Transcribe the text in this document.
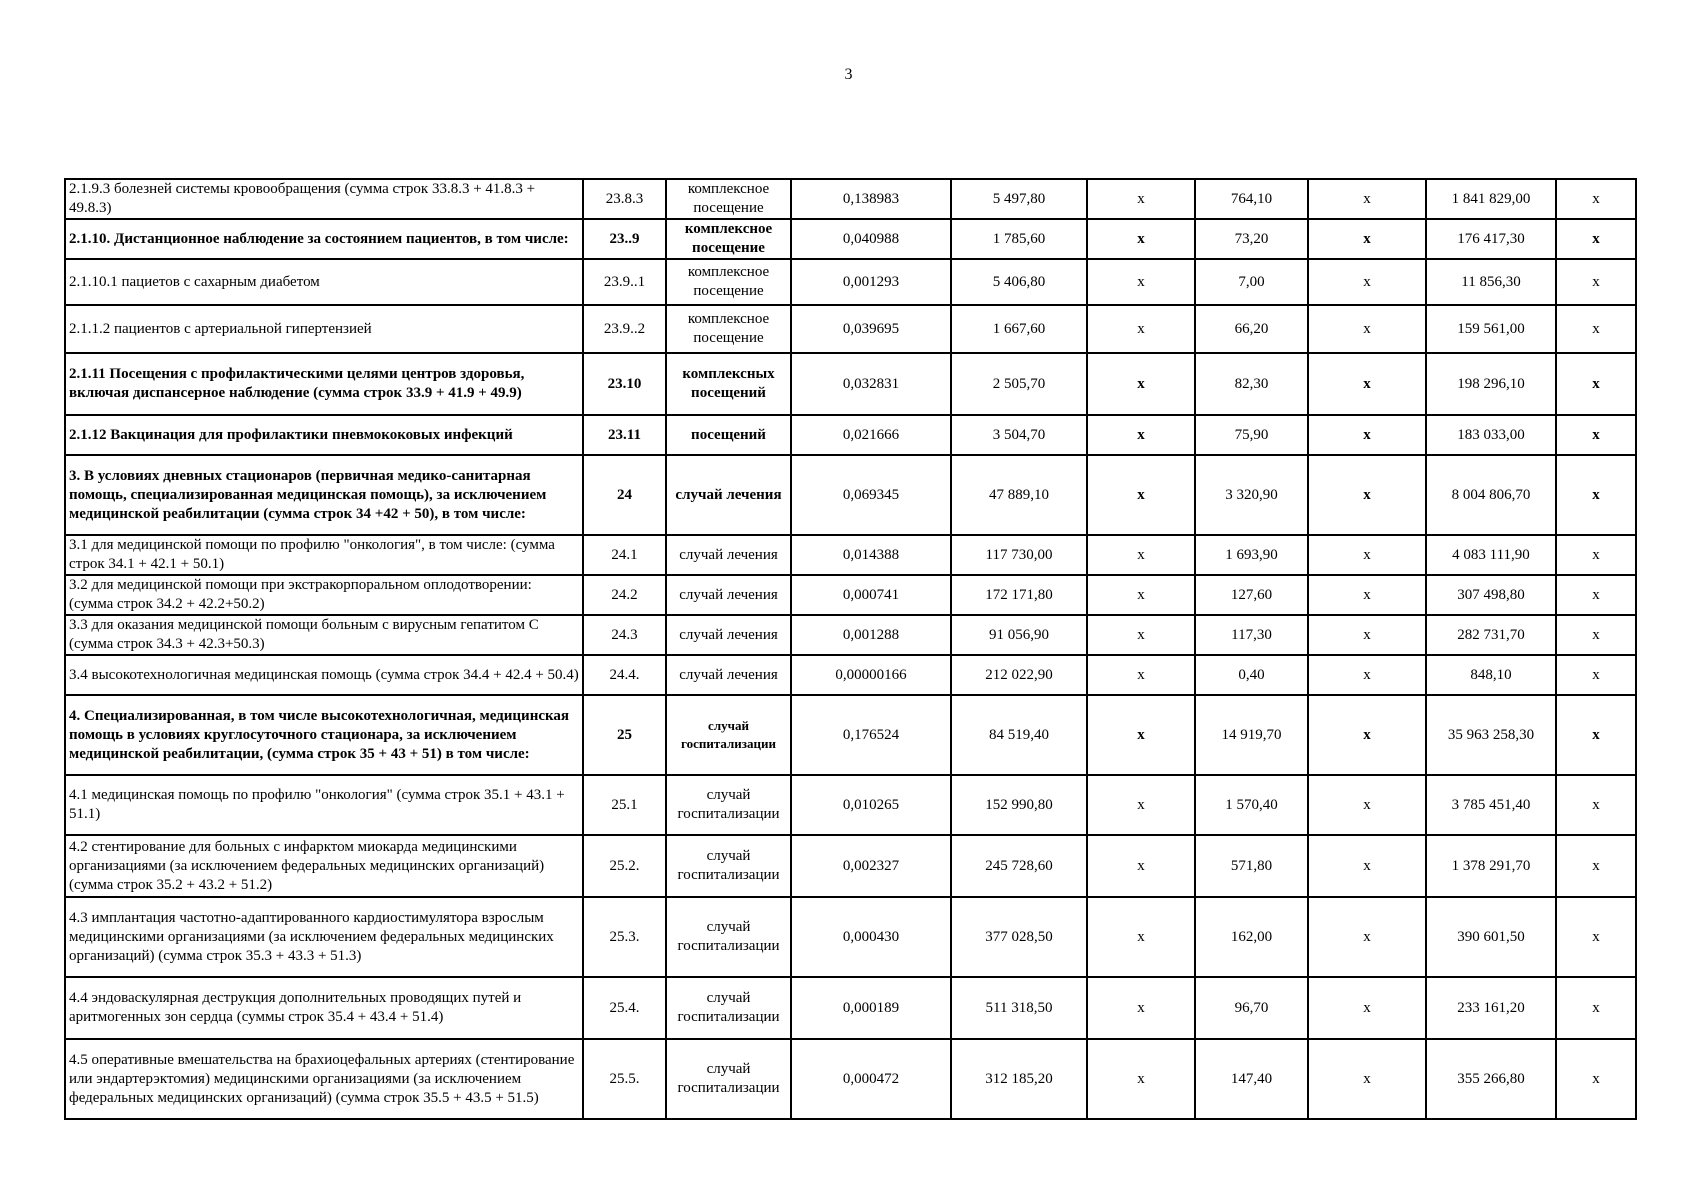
3
2.1.9.3 болезней системы кровообращения (сумма строк 33.8.3 + 41.8.3 + 49.8.3)	23.8.3	комплексное посещение	0,138983	5 497,80	х	764,10	х	1 841 829,00	х
2.1.10. Дистанционное наблюдение за состоянием пациентов, в том числе:	23..9	комплексное посещение	0,040988	1 785,60	х	73,20	х	176 417,30	х
2.1.10.1 пациетов с сахарным диабетом	23.9..1	комплексное посещение	0,001293	5 406,80	х	7,00	х	11 856,30	х
2.1.1.2 пациентов с артериальной гипертензией	23.9..2	комплексное посещение	0,039695	1 667,60	х	66,20	х	159 561,00	х
2.1.11 Посещения с профилактическими целями центров здоровья, включая диспансерное наблюдение (сумма строк 33.9 + 41.9 + 49.9)	23.10	комплексных посещений	0,032831	2 505,70	х	82,30	х	198 296,10	х
2.1.12 Вакцинация для профилактики пневмококовых инфекций	23.11	посещений	0,021666	3 504,70	х	75,90	х	183 033,00	х
3. В условиях дневных стационаров (первичная медико-санитарная помощь, специализированная медицинская помощь), за исключением медицинской реабилитации (сумма строк 34 +42 + 50), в том числе:	24	случай лечения	0,069345	47 889,10	х	3 320,90	х	8 004 806,70	х
3.1 для медицинской помощи по профилю "онкология", в том числе: (сумма строк 34.1 + 42.1 + 50.1)	24.1	случай лечения	0,014388	117 730,00	х	1 693,90	х	4 083 111,90	х
3.2 для медицинской помощи при экстракорпоральном оплодотворении: (сумма строк 34.2 + 42.2+50.2)	24.2	случай лечения	0,000741	172 171,80	х	127,60	х	307 498,80	х
3.3 для оказания медицинской помощи больным с вирусным гепатитом С (сумма строк 34.3 + 42.3+50.3)	24.3	случай лечения	0,001288	91 056,90	х	117,30	х	282 731,70	х
3.4 высокотехнологичная медицинская помощь (сумма строк 34.4 + 42.4 + 50.4)	24.4.	случай лечения	0,00000166	212 022,90	х	0,40	х	848,10	х
4. Специализированная, в том числе высокотехнологичная, медицинская помощь в условиях круглосуточного стационара, за исключением медицинской реабилитации, (сумма строк 35 + 43 + 51) в том числе:	25	случай госпитализации	0,176524	84 519,40	х	14 919,70	х	35 963 258,30	х
4.1 медицинская помощь по профилю "онкология" (сумма строк 35.1 + 43.1 + 51.1)	25.1	случай госпитализации	0,010265	152 990,80	х	1 570,40	х	3 785 451,40	х
4.2 стентирование для больных с инфарктом миокарда медицинскими организациями (за исключением федеральных медицинских организаций) (сумма строк 35.2 + 43.2 + 51.2)	25.2.	случай госпитализации	0,002327	245 728,60	х	571,80	х	1 378 291,70	х
4.3 имплантация частотно-адаптированного кардиостимулятора взрослым медицинскими организациями (за исключением федеральных медицинских организаций) (сумма строк 35.3 + 43.3 + 51.3)	25.3.	случай госпитализации	0,000430	377 028,50	х	162,00	х	390 601,50	х
4.4 эндоваскулярная деструкция дополнительных проводящих путей и аритмогенных зон сердца (суммы строк 35.4 + 43.4 + 51.4)	25.4.	случай госпитализации	0,000189	511 318,50	х	96,70	х	233 161,20	х
4.5 оперативные вмешательства на брахиоцефальных артериях (стентирование или эндартерэктомия) медицинскими организациями (за исключением федеральных медицинских организаций) (сумма строк 35.5 + 43.5 + 51.5)	25.5.	случай госпитализации	0,000472	312 185,20	х	147,40	х	355 266,80	х
